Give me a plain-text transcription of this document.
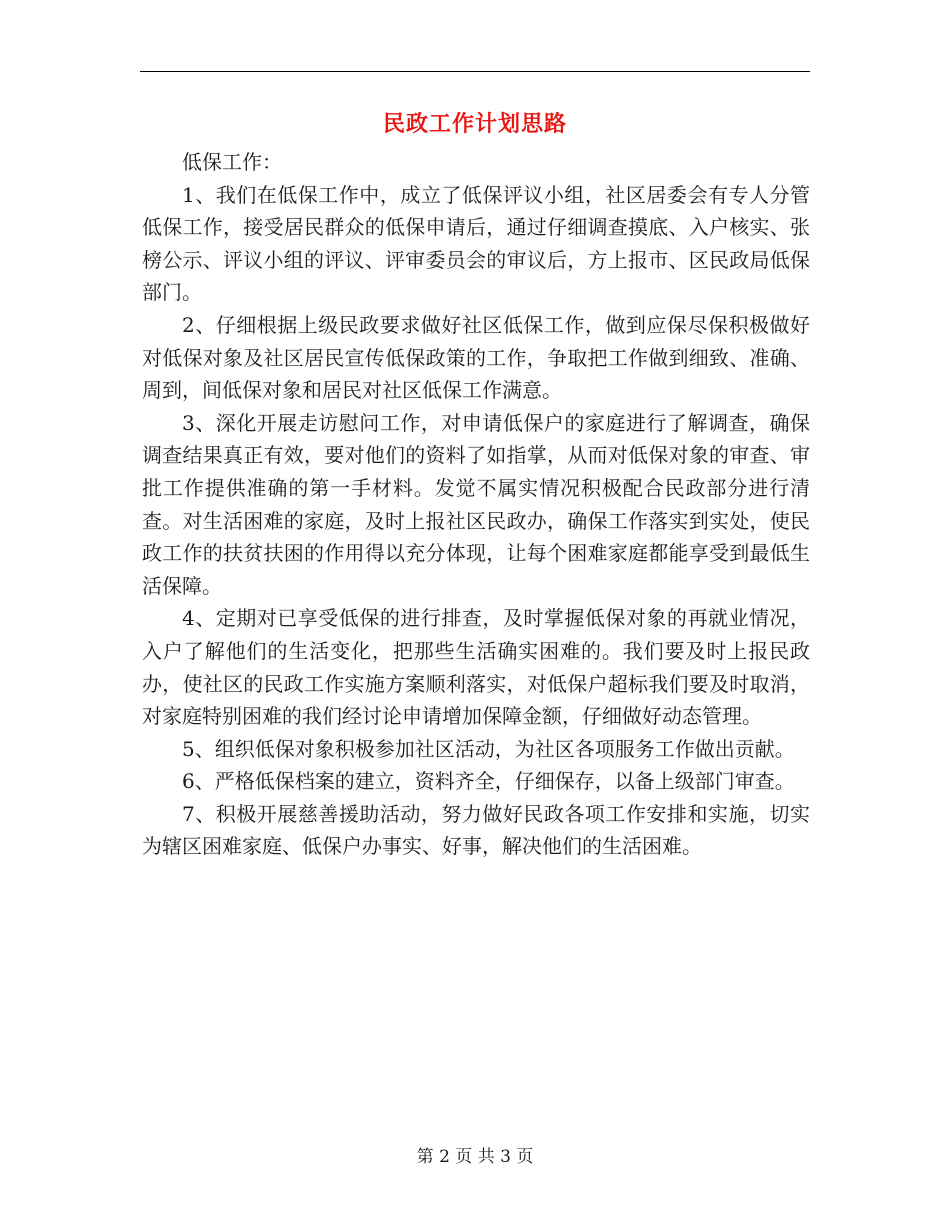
民政工作计划思路

低保工作：

1、我们在低保工作中，成立了低保评议小组，社区居委会有专人分管低保工作，接受居民群众的低保申请后，通过仔细调查摸底、入户核实、张榜公示、评议小组的评议、评审委员会的审议后，方上报市、区民政局低保部门。

2、仔细根据上级民政要求做好社区低保工作，做到应保尽保积极做好对低保对象及社区居民宣传低保政策的工作，争取把工作做到细致、准确、周到，间低保对象和居民对社区低保工作满意。

3、深化开展走访慰问工作，对申请低保户的家庭进行了解调查，确保调查结果真正有效，要对他们的资料了如指掌，从而对低保对象的审查、审批工作提供准确的第一手材料。发觉不属实情况积极配合民政部分进行清查。对生活困难的家庭，及时上报社区民政办，确保工作落实到实处，使民政工作的扶贫扶困的作用得以充分体现，让每个困难家庭都能享受到最低生活保障。

4、定期对已享受低保的进行排查，及时掌握低保对象的再就业情况，入户了解他们的生活变化，把那些生活确实困难的。我们要及时上报民政办，使社区的民政工作实施方案顺利落实，对低保户超标我们要及时取消，对家庭特别困难的我们经讨论申请增加保障金额，仔细做好动态管理。

5、组织低保对象积极参加社区活动，为社区各项服务工作做出贡献。

6、严格低保档案的建立，资料齐全，仔细保存，以备上级部门审查。

7、积极开展慈善援助活动，努力做好民政各项工作安排和实施，切实为辖区困难家庭、低保户办事实、好事，解决他们的生活困难。

第 2 页 共 3 页
